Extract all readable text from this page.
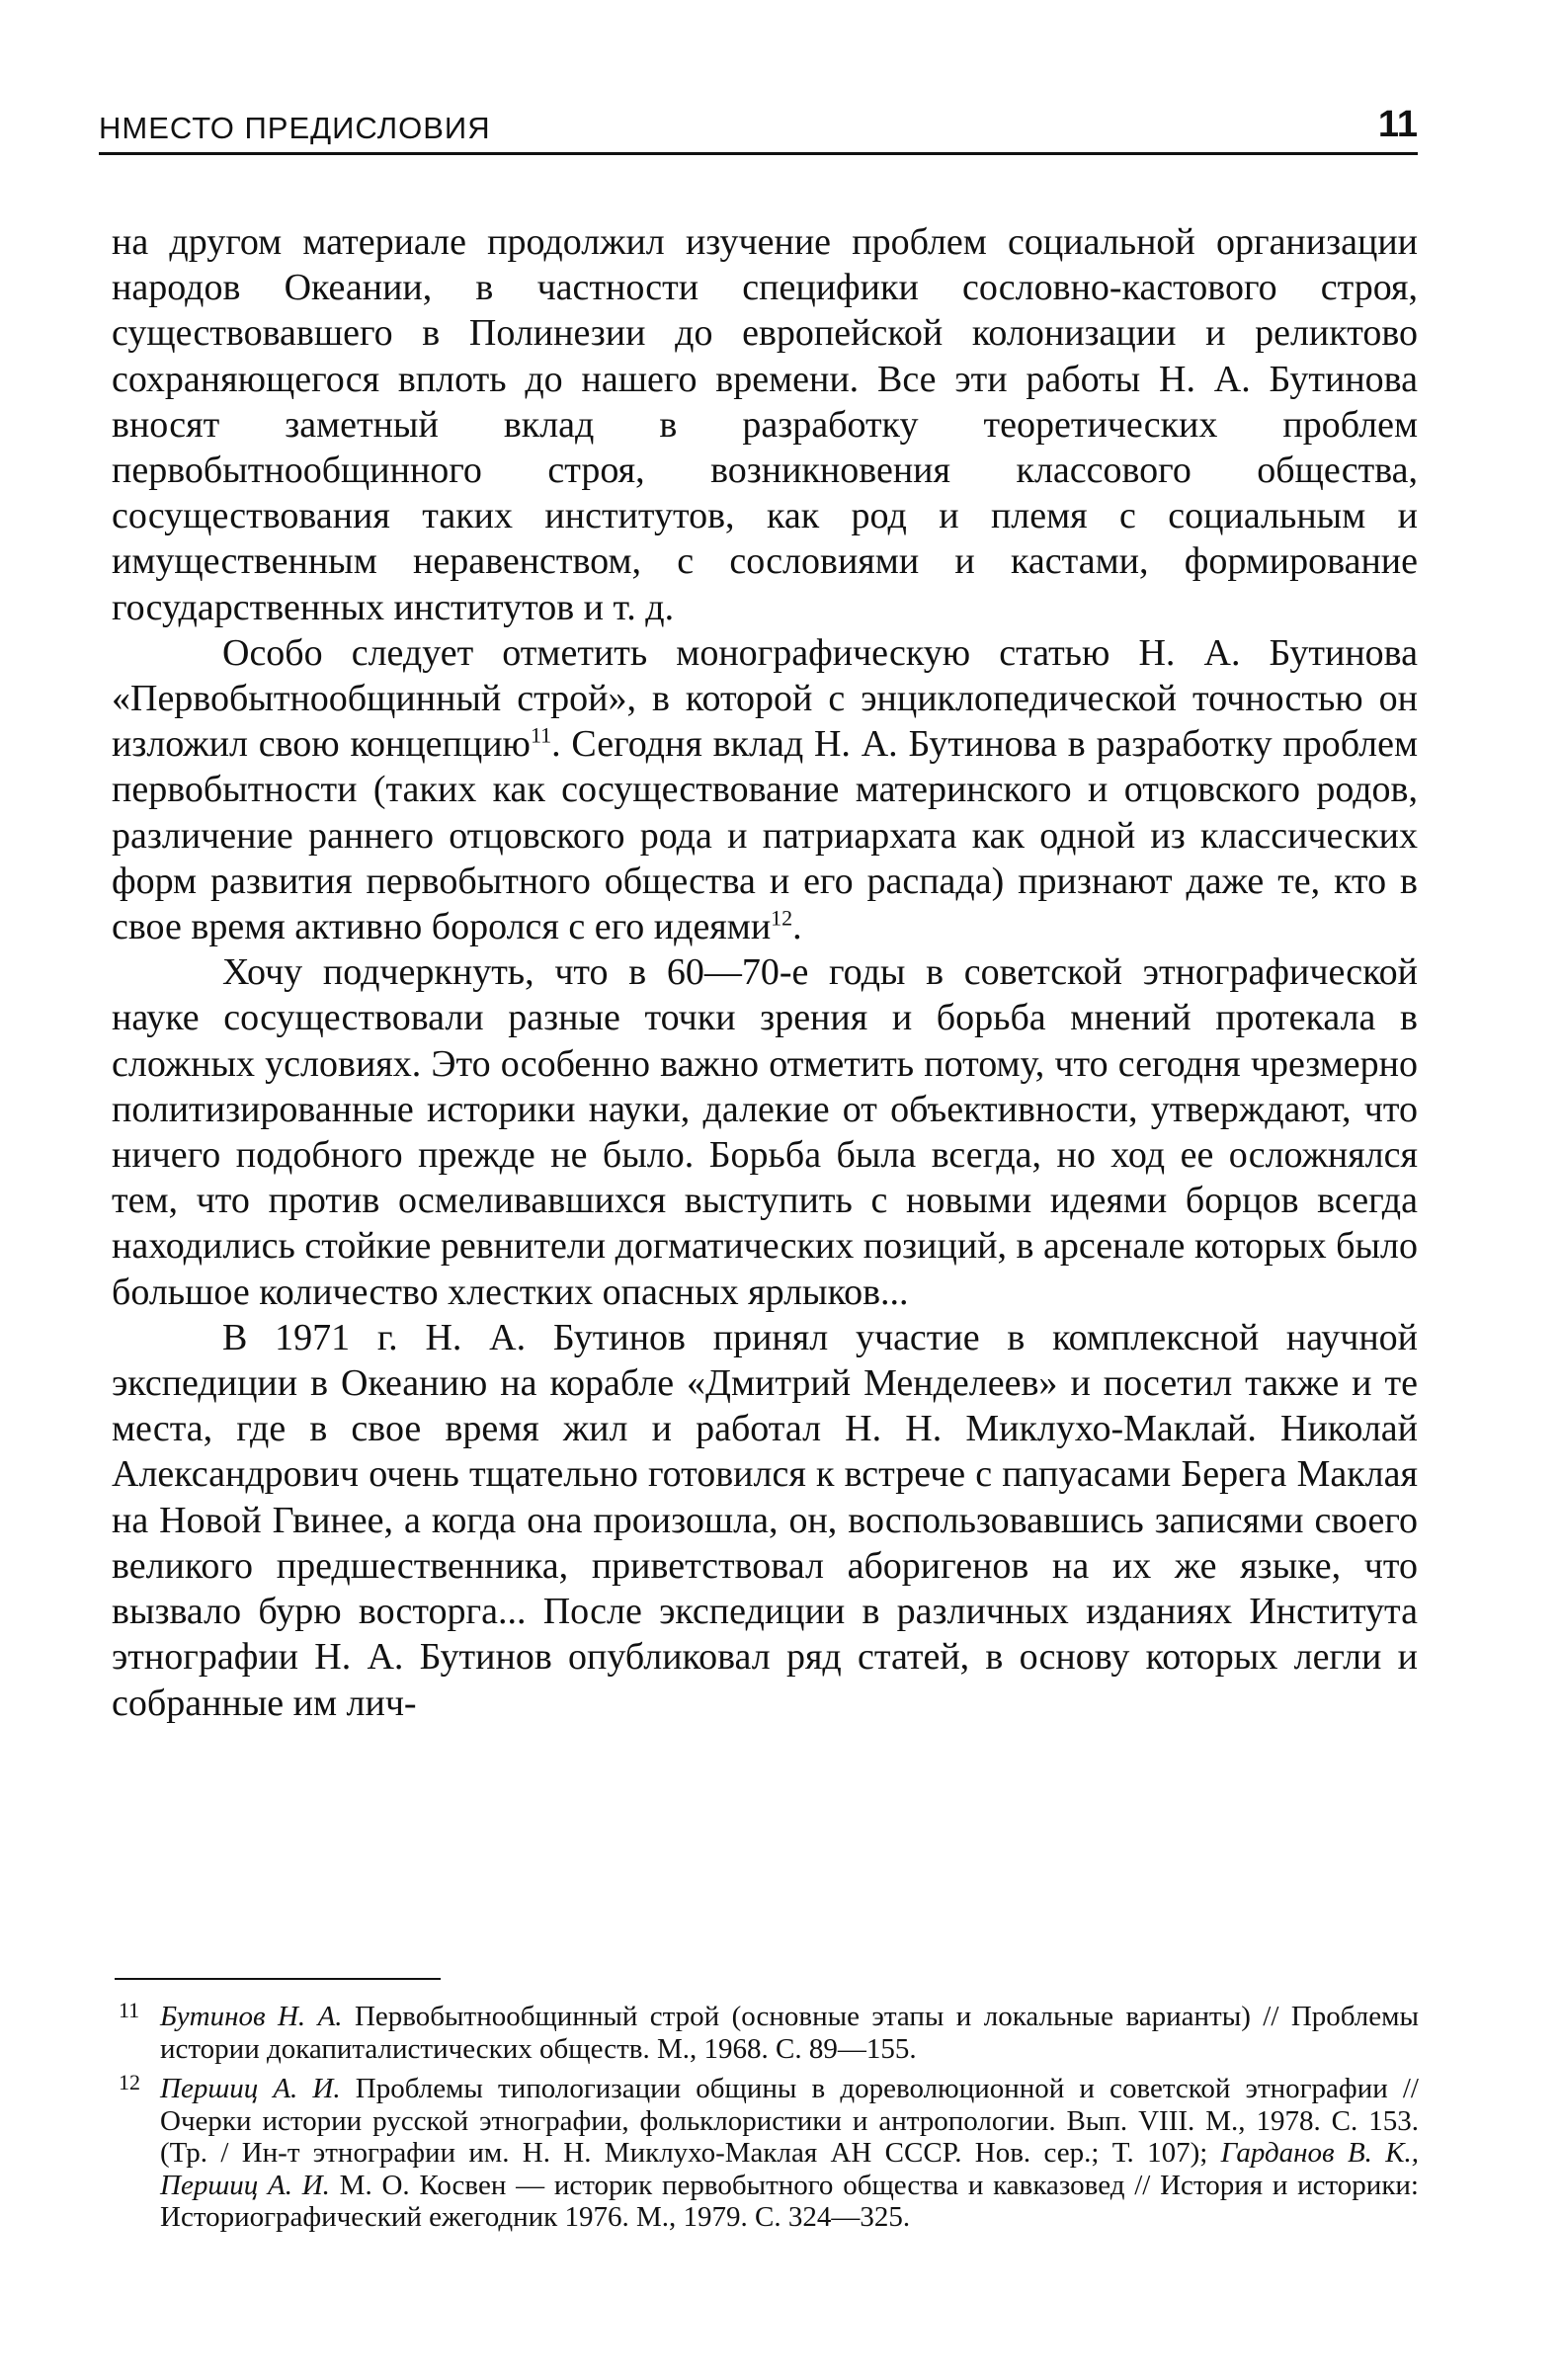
НМЕСТО ПРЕДИСЛОВИЯ	11

на другом материале продолжил изучение проблем социальной организации народов Океании, в частности специфики сословно-кастового строя, существовавшего в Полинезии до европейской колонизации и реликтово сохраняющегося вплоть до нашего времени. Все эти работы Н. А. Бутинова вносят заметный вклад в разработку теоретических проблем первобытнообщинного строя, возникновения классового общества, сосуществования таких институтов, как род и племя с социальным и имущественным неравенством, с сословиями и кастами, формирование государственных институтов и т. д.

Особо следует отметить монографическую статью Н. А. Бутинова «Первобытнообщинный строй», в которой с энциклопедической точностью он изложил свою концепцию$^{11}$. Сегодня вклад Н. А. Бутинова в разработку проблем первобытности (таких как сосуществование материнского и отцовского родов, различение раннего отцовского рода и патриархата как одной из классических форм развития первобытного общества и его распада) признают даже те, кто в свое время активно боролся с его идеями$^{12}$.

Хочу подчеркнуть, что в 60—70-е годы в советской этнографической науке сосуществовали разные точки зрения и борьба мнений протекала в сложных условиях. Это особенно важно отметить потому, что сегодня чрезмерно политизированные историки науки, далекие от объективности, утверждают, что ничего подобного прежде не было. Борьба была всегда, но ход ее осложнялся тем, что против осмеливавшихся выступить с новыми идеями борцов всегда находились стойкие ревнители догматических позиций, в арсенале которых было большое количество хлестких опасных ярлыков...

В 1971 г. Н. А. Бутинов принял участие в комплексной научной экспедиции в Океанию на корабле «Дмитрий Менделеев» и посетил также и те места, где в свое время жил и работал Н. Н. Миклухо-Маклай. Николай Александрович очень тщательно готовился к встрече с папуасами Берега Маклая на Новой Гвинее, а когда она произошла, он, воспользовавшись записями своего великого предшественника, приветствовал аборигенов на их же языке, что вызвало бурю восторга... После экспедиции в различных изданиях Института этнографии Н. А. Бутинов опубликовал ряд статей, в основу которых легли и собранные им лич-

11 Бутинов Н. А. Первобытнообщинный строй (основные этапы и локальные варианты) // Проблемы истории докапиталистических обществ. М., 1968. С. 89—155.
12 Першиц А. И. Проблемы типологизации общины в дореволюционной и советской этнографии // Очерки истории русской этнографии, фольклористики и антропологии. Вып. VIII. М., 1978. С. 153. (Тр. / Ин-т этнографии им. Н. Н. Миклухо-Маклая АН СССР. Нов. сер.; Т. 107); Гарданов В. К., Першиц А. И. М. О. Косвен — историк первобытного общества и кавказовед // История и историки: Историографический ежегодник 1976. М., 1979. С. 324—325.
